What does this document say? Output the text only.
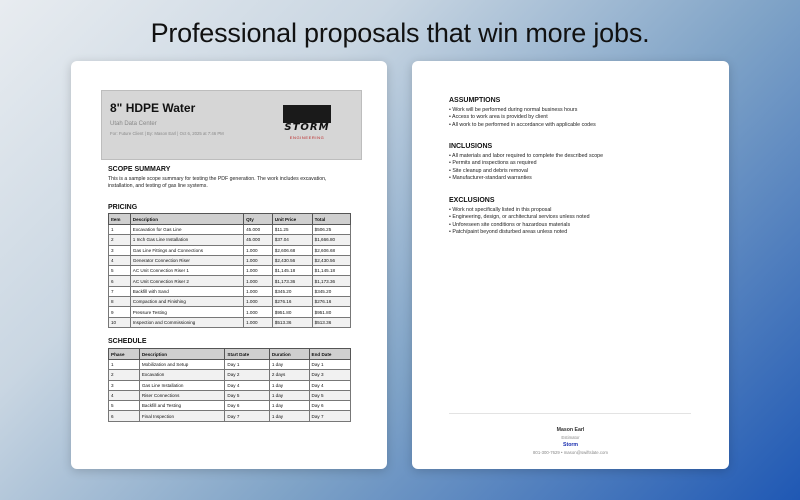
Professional proposals that win more jobs.
8" HDPE Water
Utah Data Center
For: Future Client | By: Mason Earl | Oct 6, 2025 at 7:46 PM
STORM
ENGINEERING
SCOPE SUMMARY
This is a sample scope summary for testing the PDF generation. The work includes excavation, installation, and testing of gas line systems.
PRICING
Item	Description	Qty	Unit Price	Total
1	Excavation for Gas Line	45.000	$11.25	$506.25
2	1 Inch Gas Line Installation	45.000	$37.04	$1,666.80
3	Gas Line Fittings and Connections	1.000	$2,606.68	$2,606.68
4	Generator Connection Riser	1.000	$2,430.56	$2,430.56
5	AC Unit Connection Riser 1	1.000	$1,145.18	$1,145.18
6	AC Unit Connection Riser 2	1.000	$1,173.36	$1,173.36
7	Backfill with Sand	1.000	$345.20	$345.20
8	Compaction and Finishing	1.000	$276.16	$276.16
9	Pressure Testing	1.000	$951.80	$951.80
10	Inspection and Commissioning	1.000	$513.36	$513.36
SCHEDULE
Phase	Description	Start Date	Duration	End Date
1	Mobilization and Setup	Day 1	1 day	Day 1
2	Excavation	Day 2	2 days	Day 3
3	Gas Line Installation	Day 4	1 day	Day 4
4	Riser Connections	Day 5	1 day	Day 5
5	Backfill and Testing	Day 6	1 day	Day 6
6	Final Inspection	Day 7	1 day	Day 7
ASSUMPTIONS
• Work will be performed during normal business hours
• Access to work area is provided by client
• All work to be performed in accordance with applicable codes
INCLUSIONS
• All materials and labor required to complete the described scope
• Permits and inspections as required
• Site cleanup and debris removal
• Manufacturer-standard warranties
EXCLUSIONS
• Work not specifically listed in this proposal
• Engineering, design, or architectural services unless noted
• Unforeseen site conditions or hazardous materials
• Patch/paint beyond disturbed areas unless noted
Mason Earl
Estimator
Storm
801-300-7629 • mason@swiftslate.com
